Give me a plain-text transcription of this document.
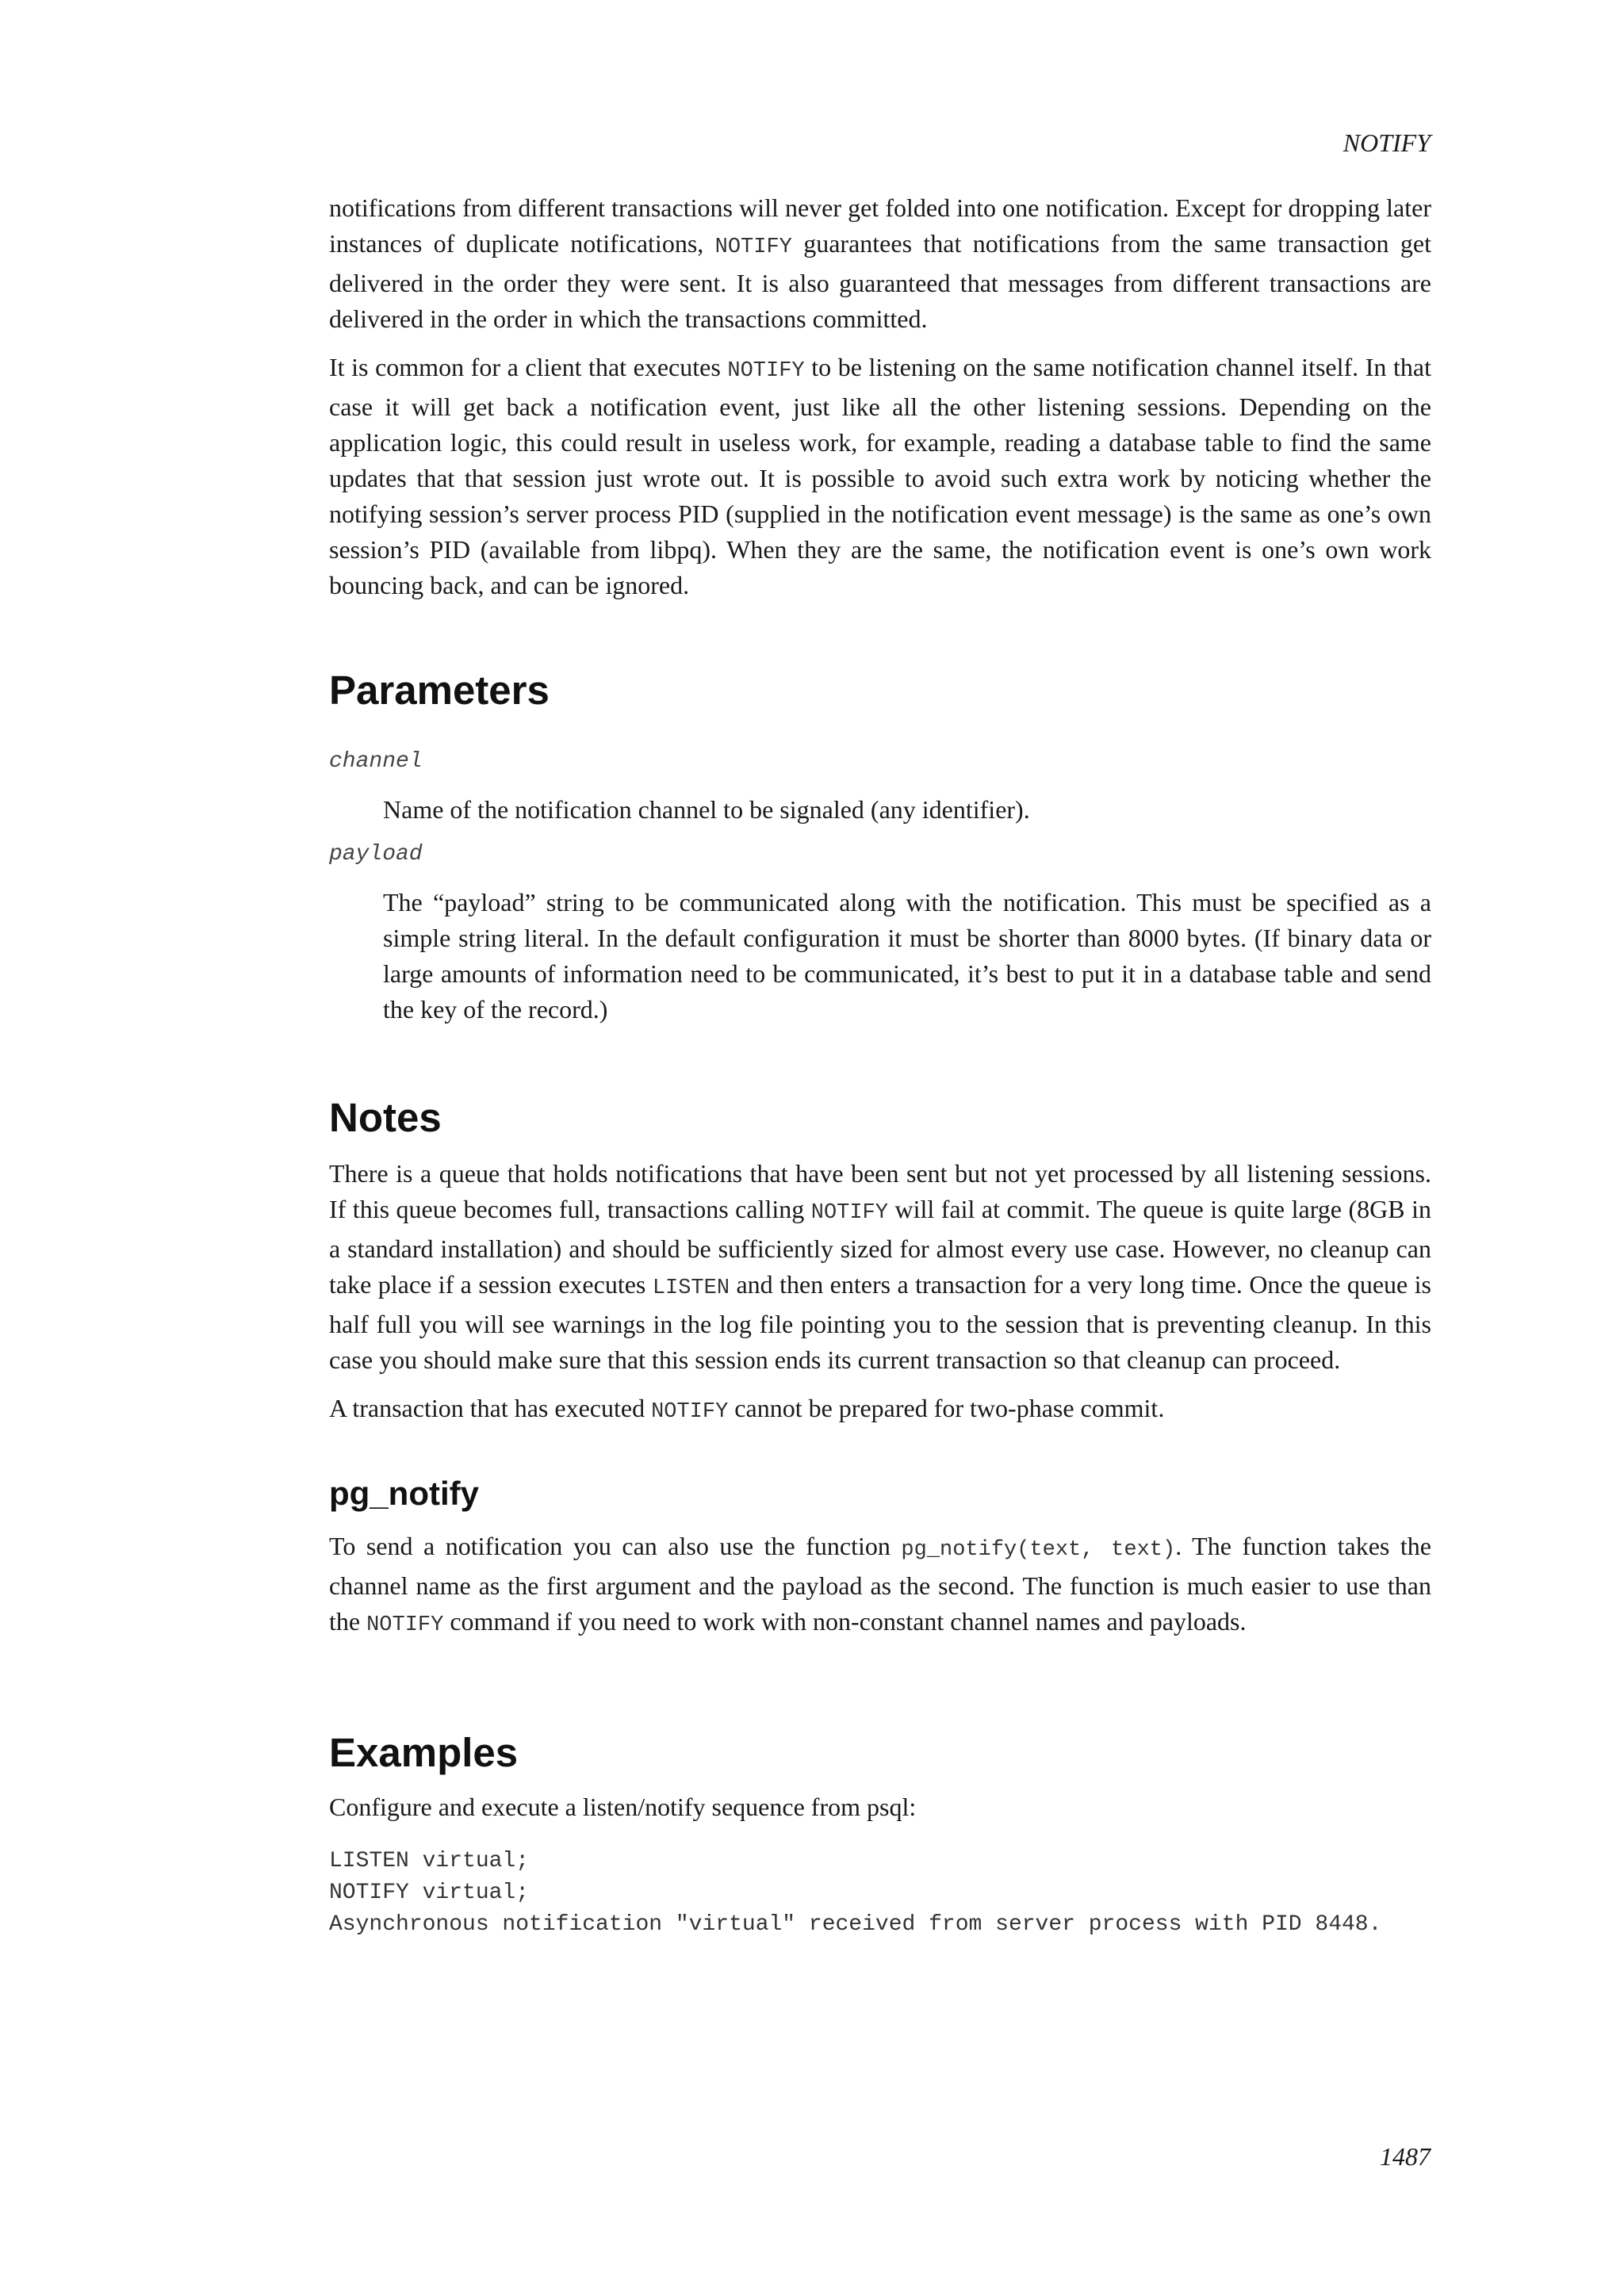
NOTIFY

notifications from different transactions will never get folded into one notification. Except for dropping later instances of duplicate notifications, NOTIFY guarantees that notifications from the same transaction get delivered in the order they were sent. It is also guaranteed that messages from different transactions are delivered in the order in which the transactions committed.

It is common for a client that executes NOTIFY to be listening on the same notification channel itself. In that case it will get back a notification event, just like all the other listening sessions. Depending on the application logic, this could result in useless work, for example, reading a database table to find the same updates that that session just wrote out. It is possible to avoid such extra work by noticing whether the notifying session’s server process PID (supplied in the notification event message) is the same as one’s own session’s PID (available from libpq). When they are the same, the notification event is one’s own work bouncing back, and can be ignored.

Parameters

channel

Name of the notification channel to be signaled (any identifier).

payload

The “payload” string to be communicated along with the notification. This must be specified as a simple string literal. In the default configuration it must be shorter than 8000 bytes. (If binary data or large amounts of information need to be communicated, it’s best to put it in a database table and send the key of the record.)

Notes

There is a queue that holds notifications that have been sent but not yet processed by all listening sessions. If this queue becomes full, transactions calling NOTIFY will fail at commit. The queue is quite large (8GB in a standard installation) and should be sufficiently sized for almost every use case. However, no cleanup can take place if a session executes LISTEN and then enters a transaction for a very long time. Once the queue is half full you will see warnings in the log file pointing you to the session that is preventing cleanup. In this case you should make sure that this session ends its current transaction so that cleanup can proceed.

A transaction that has executed NOTIFY cannot be prepared for two-phase commit.

pg_notify

To send a notification you can also use the function pg_notify(text, text). The function takes the channel name as the first argument and the payload as the second. The function is much easier to use than the NOTIFY command if you need to work with non-constant channel names and payloads.

Examples

Configure and execute a listen/notify sequence from psql:

LISTEN virtual;

NOTIFY virtual;

Asynchronous notification "virtual" received from server process with PID 8448.

1487
